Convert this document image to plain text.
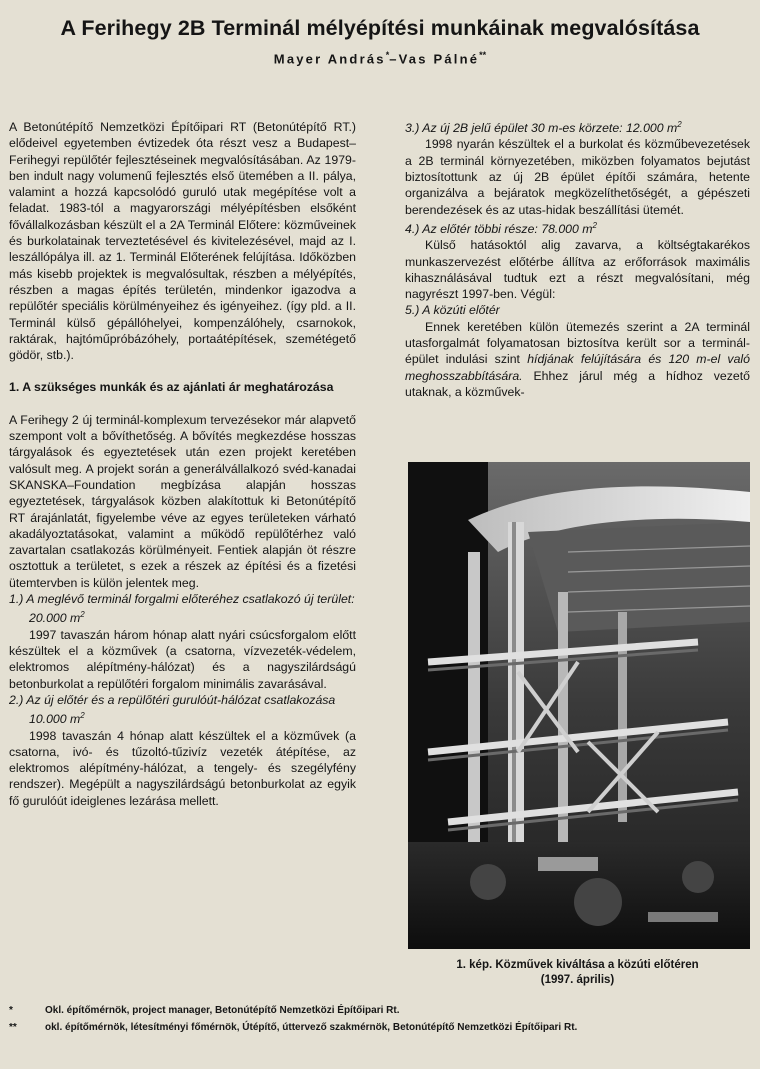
A Ferihegy 2B Terminál mélyépítési munkáinak megvalósítása
Mayer András*–Vas Pálné**

A Betonútépítő Nemzetközi Építőipari RT (Betonútépítő RT.) elődeivel egyetemben évtizedek óta részt vesz a Budapest–Ferihegyi repülőtér fejlesztéseinek megvalósításában. Az 1979-ben indult nagy volumenű fejlesztés első ütemében a II. pálya, valamint a hozzá kapcsolódó guruló utak megépítése volt a feladat. 1983-tól a magyarországi mélyépítésben elsőként fővállalkozásban készült el a 2A Terminál Előtere: közműveinek és burkolatainak terveztetésével és kivitelezésével, majd az I. leszállópálya ill. az 1. Terminál Előterének felújítása. Időközben más kisebb projektek is megvalósultak, részben a mélyépítés, részben a magas építés területén, mindenkor igazodva a repülőtér speciális körülményeihez és igényeihez. (így pld. a II. Terminál külső gépállóhelyei, kompenzálóhely, csarnokok, raktárak, hajtóműpróbázóhely, portaátépítések, szemétégető gödör, stb.).

1. A szükséges munkák és az ajánlati ár meghatározása

A Ferihegy 2 új terminál-komplexum tervezésekor már alapvető szempont volt a bővíthetőség. A bővítés megkezdése hosszas tárgyalások és egyeztetések után ezen projekt keretében valósult meg. A projekt során a generálvállalkozó svéd-kanadai SKANSKA–Foundation megbízása alapján hosszas egyeztetések, tárgyalások közben alakítottuk ki Betonútépítő RT árajánlatát, figyelembe véve az egyes területeken várható akadályoztatásokat, valamint a működő repülőtérhez való zavartalan csatlakozás körülményeit. Fentiek alapján öt részre osztottuk a területet, s ezek a részek az építési és a fizetési ütemtervben is külön jelentek meg.

1.) A meglévő terminál forgalmi előteréhez csatlakozó új terület: 20.000 $m^2$

1997 tavaszán három hónap alatt nyári csúcsforgalom előtt készültek el a közművek (a csatorna, vízvezeték-védelem, elektromos alépítmény-hálózat) és a nagyszilárdságú betonburkolat a repülőtéri forgalom minimális zavarásával.

2.) Az új előtér és a repülőtéri gurulóút-hálózat csatlakozása 10.000 $m^2$

1998 tavaszán 4 hónap alatt készültek el a közművek (a csatorna, ivó- és tűzoltó-tűzivíz vezeték átépítése, az elektromos alépítmény-hálózat, a tengely- és szegélyfény rendszer). Megépült a nagyszilárdságú betonburkolat az egyik fő gurulóút ideiglenes lezárása mellett.

3.) Az új 2B jelű épület 30 m-es körzete: 12.000 $m^2$

1998 nyarán készültek el a burkolat és közműbevezetések a 2B terminál környezetében, miközben folyamatos bejutást biztosítottunk az új 2B épület építői számára, hetente organizálva a bejáratok megközelíthetőségét, a gépészeti berendezések és az utas-hidak beszállítási ütemét.

4.) Az előtér többi része: 78.000 $m^2$

Külső hatásoktól alig zavarva, a költségtakarékos munkaszervezést előtérbe állítva az erőforrások maximális kihasználásával tudtuk ezt a részt megvalósítani, még nagyrészt 1997-ben. Végül:

5.) A közúti előtér

Ennek keretében külön ütemezés szerint a 2A terminál utasforgalmát folyamatosan biztosítva került sor a terminál-épület indulási szint hídjának felújítására és 120 m-el való meghosszabbítására. Ehhez járul még a hídhoz vezető utaknak, a közművek-

1. kép. Közművek kiváltása a közúti előtéren
(1997. április)
*	Okl. építőmérnök, project manager, Betonútépítő Nemzetközi Építőipari Rt.
**	okl. építőmérnök, létesítményi főmérnök, Útépítő, úttervező szakmérnök, Betonútépítő Nemzetközi Építőipari Rt.
